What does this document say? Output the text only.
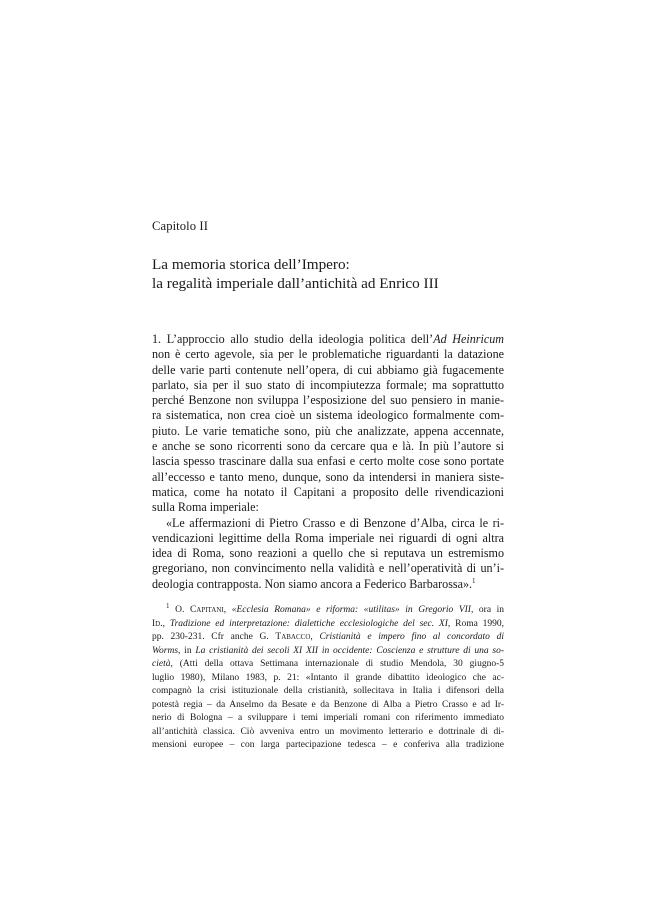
Capitolo II
La memoria storica dell’Impero:
la regalità imperiale dall’antichità ad Enrico III
1. L’approccio allo studio della ideologia politica dell’Ad Heinricum
non è certo agevole, sia per le problematiche riguardanti la datazione
delle varie parti contenute nell’opera, di cui abbiamo già fugacemente
parlato, sia per il suo stato di incompiutezza formale; ma soprattutto
perché Benzone non sviluppa l’esposizione del suo pensiero in manie-
ra sistematica, non crea cioè un sistema ideologico formalmente com-
piuto. Le varie tematiche sono, più che analizzate, appena accennate,
e anche se sono ricorrenti sono da cercare qua e là. In più l’autore si
lascia spesso trascinare dalla sua enfasi e certo molte cose sono portate
all’eccesso e tanto meno, dunque, sono da intendersi in maniera siste-
matica, come ha notato il Capitani a proposito delle rivendicazioni
sulla Roma imperiale:
«Le affermazioni di Pietro Crasso e di Benzone d’Alba, circa le ri-
vendicazioni legittime della Roma imperiale nei riguardi di ogni altra
idea di Roma, sono reazioni a quello che si reputava un estremismo
gregoriano, non convincimento nella validità e nell’operatività di un’i-
deologia contrapposta. Non siamo ancora a Federico Barbarossa».$^1$
$^1$ O. Capitani, «Ecclesia Romana» e riforma: «utilitas» in Gregorio VII, ora in
Id., Tradizione ed interpretazione: dialettiche ecclesiologiche del sec. XI, Roma 1990,
pp. 230-231. Cfr anche G. Tabacco, Cristianità e impero fino al concordato di
Worms, in La cristianità dei secoli XI XII in occidente: Coscienza e strutture di una so-
cietà, (Atti della ottava Settimana internazionale di studio Mendola, 30 giugno-5
luglio 1980), Milano 1983, p. 21: «Intanto il grande dibattito ideologico che ac-
compagnò la crisi istituzionale della cristianità, sollecitava in Italia i difensori della
potestà regia – da Anselmo da Besate e da Benzone di Alba a Pietro Crasso e ad Ir-
nerio di Bologna – a sviluppare i temi imperiali romani con riferimento immediato
all’antichità classica. Ciò avveniva entro un movimento letterario e dottrinale di di-
mensioni europee – con larga partecipazione tedesca – e conferiva alla tradizione
